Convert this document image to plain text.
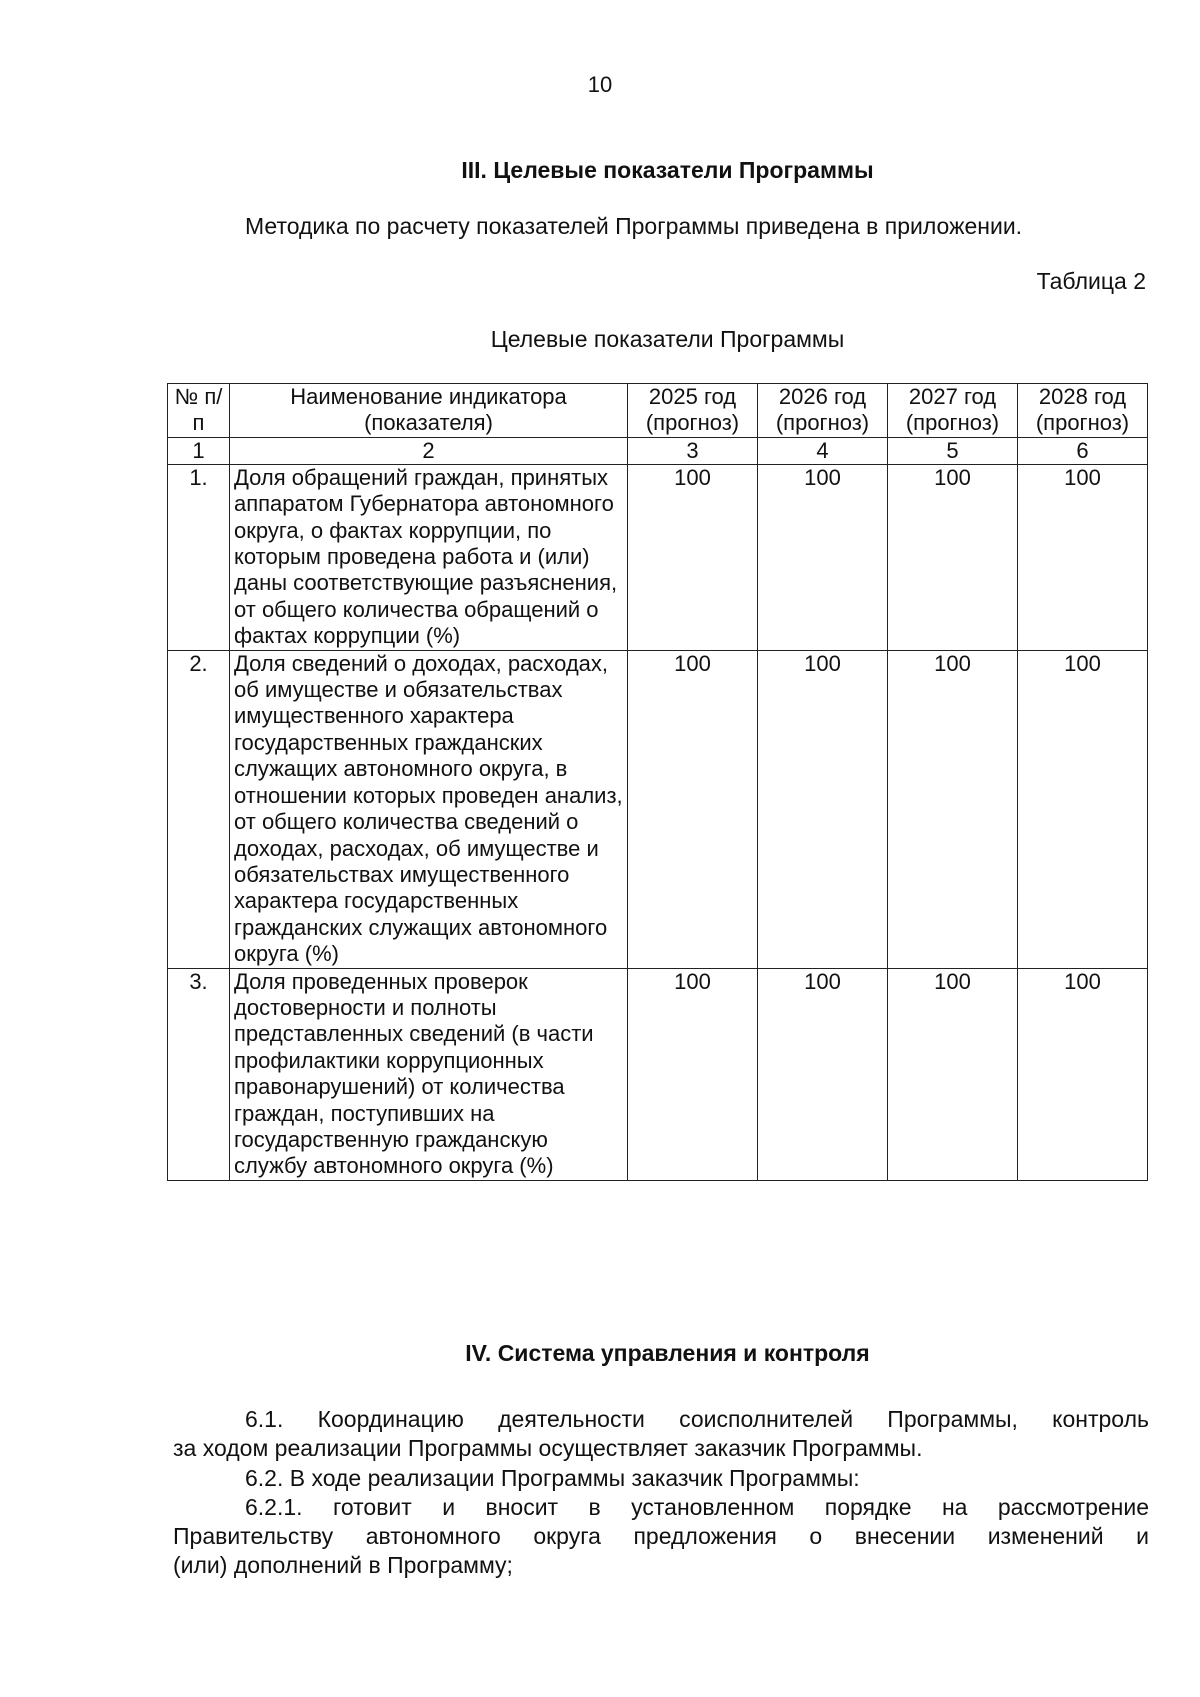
10
III. Целевые показатели Программы
Методика по расчету показателей Программы приведена в приложении.
Таблица 2
Целевые показатели Программы
№ п/п	Наименование индикатора (показателя)	2025 год (прогноз)	2026 год (прогноз)	2027 год (прогноз)	2028 год (прогноз)
1	2	3	4	5	6
1.	Доля обращений граждан, принятых аппаратом Губернатора автономного округа, о фактах коррупции, по которым проведена работа и (или) даны соответствующие разъяснения, от общего количества обращений о фактах коррупции (%)	100	100	100	100
2.	Доля сведений о доходах, расходах, об имуществе и обязательствах имущественного характера государственных гражданских служащих автономного округа, в отношении которых проведен анализ, от общего количества сведений о доходах, расходах, об имуществе и обязательствах имущественного характера государственных гражданских служащих автономного округа (%)	100	100	100	100
3.	Доля проведенных проверок достоверности и полноты представленных сведений (в части профилактики коррупционных правонарушений) от количества граждан, поступивших на государственную гражданскую службу автономного округа (%)	100	100	100	100
IV. Система управления и контроля
6.1. Координацию деятельности соисполнителей Программы, контроль
за ходом реализации Программы осуществляет заказчик Программы.
6.2. В ходе реализации Программы заказчик Программы:
6.2.1. готовит и вносит в установленном порядке на рассмотрение
Правительству автономного округа предложения о внесении изменений и
(или) дополнений в Программу;
